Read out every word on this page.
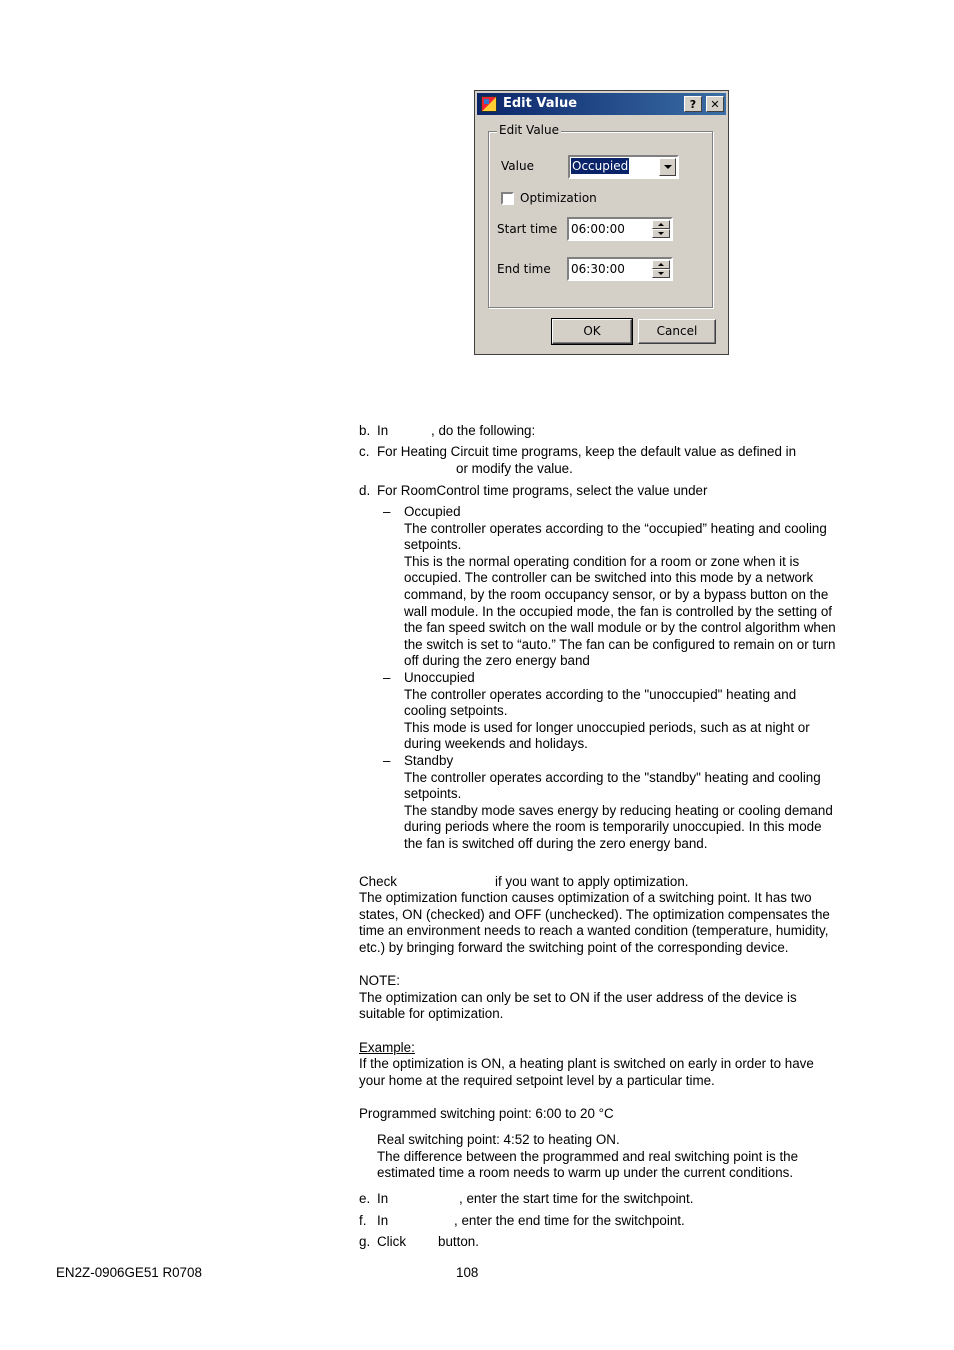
Edit Value	?	✕
Edit Value
Value	Occupied
Optimization
Start time 06:00:00
End time 06:30:00
OK	Cancel
b. In	, do the following:
c. For Heating Circuit time programs, keep the default value as defined in
or modify the value.
d. For RoomControl time programs, select the value under
– Occupied
The controller operates according to the “occupied” heating and cooling
setpoints.
This is the normal operating condition for a room or zone when it is
occupied. The controller can be switched into this mode by a network
command, by the room occupancy sensor, or by a bypass button on the
wall module. In the occupied mode, the fan is controlled by the setting of
the fan speed switch on the wall module or by the control algorithm when
the switch is set to “auto.” The fan can be configured to remain on or turn
off during the zero energy band
– Unoccupied
The controller operates according to the "unoccupied" heating and
cooling setpoints.
This mode is used for longer unoccupied periods, such as at night or
during weekends and holidays.
– Standby
The controller operates according to the "standby" heating and cooling
setpoints.
The standby mode saves energy by reducing heating or cooling demand
during periods where the room is temporarily unoccupied. In this mode
the fan is switched off during the zero energy band.
Check	if you want to apply optimization.
The optimization function causes optimization of a switching point. It has two
states, ON (checked) and OFF (unchecked). The optimization compensates the
time an environment needs to reach a wanted condition (temperature, humidity,
etc.) by bringing forward the switching point of the corresponding device.
NOTE:
The optimization can only be set to ON if the user address of the device is
suitable for optimization.
Example:
If the optimization is ON, a heating plant is switched on early in order to have
your home at the required setpoint level by a particular time.
Programmed switching point: 6:00 to 20 °C
Real switching point: 4:52 to heating ON.
The difference between the programmed and real switching point is the
estimated time a room needs to warm up under the current conditions.
e. In	, enter the start time for the switchpoint.
f. In	, enter the end time for the switchpoint.
g. Click button.
EN2Z-0906GE51 R0708	108
